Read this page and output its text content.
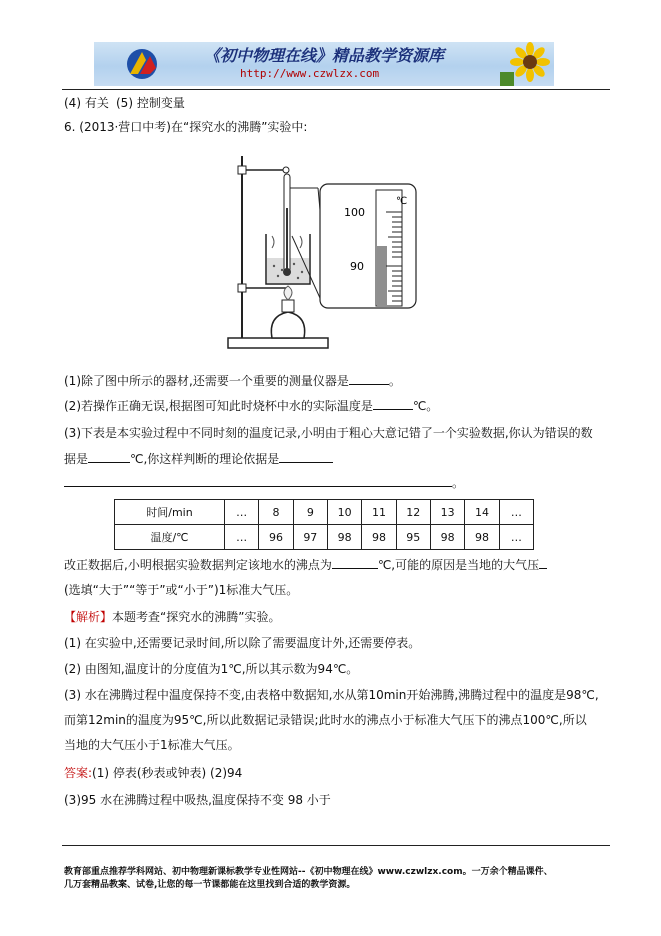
《初中物理在线》精品教学资源库
http://www.czwlzx.com
(4) 有关 (5) 控制变量
6. (2013·营口中考)在“探究水的沸腾”实验中:
100
90
℃
(1)除了图中所示的器材,还需要一个重要的测量仪器是	。
(2)若操作正确无误,根据图可知此时烧杯中水的实际温度是	℃。
(3)下表是本实验过程中不同时刻的温度记录,小明由于粗心大意记错了一个实验数据,你认为错误的数
据是	℃,你这样判断的理论依据是
。
时间/min	…	8	9	10	11	12	13	14	…
温度/℃	…	96	97	98	98	95	98	98	…
改正数据后,小明根据实验数据判定该地水的沸点为	℃,可能的原因是当地的大气压
(选填“大于”“等于”或“小于”)1标准大气压。
【解析】本题考查“探究水的沸腾”实验。
(1) 在实验中,还需要记录时间,所以除了需要温度计外,还需要停表。
(2) 由图知,温度计的分度值为1℃,所以其示数为94℃。
(3) 水在沸腾过程中温度保持不变,由表格中数据知,水从第10min开始沸腾,沸腾过程中的温度是98℃,
而第12min的温度为95℃,所以此数据记录错误;此时水的沸点小于标准大气压下的沸点100℃,所以
当地的大气压小于1标准大气压。
答案:(1) 停表(秒表或钟表) (2)94
(3)95 水在沸腾过程中吸热,温度保持不变 98 小于
教育部重点推荐学科网站、初中物理新课标教学专业性网站--《初中物理在线》www.czwlzx.com。一万余个精品课件、
几万套精品教案、试卷,让您的每一节课都能在这里找到合适的教学资源。
